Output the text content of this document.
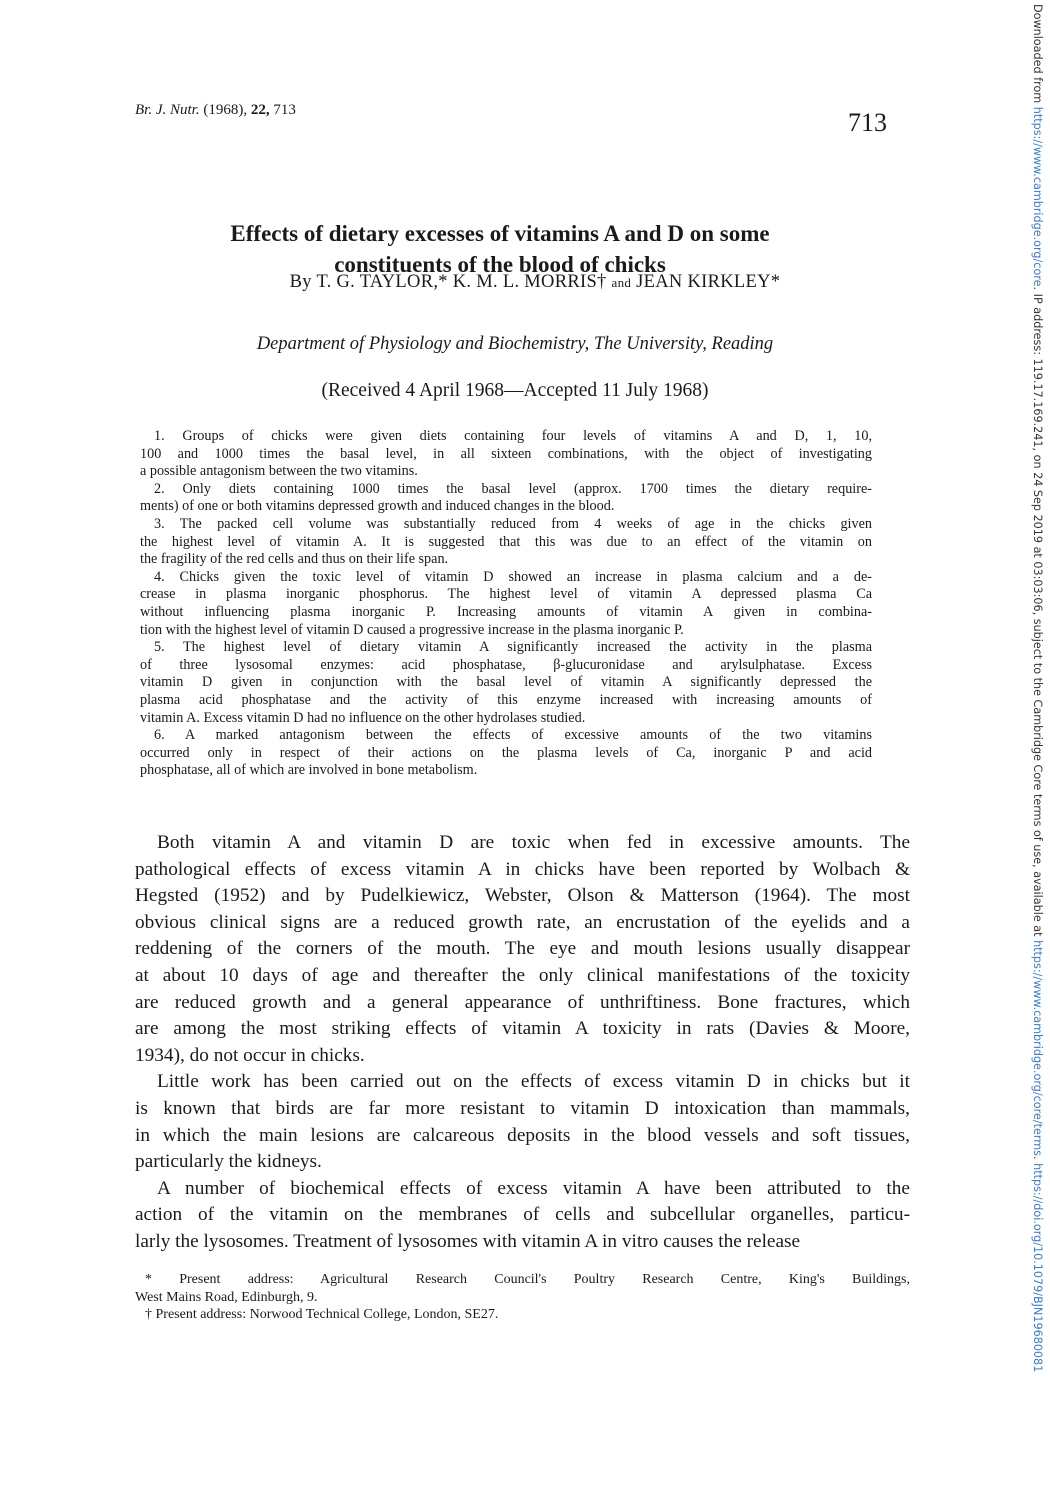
Br. J. Nutr. (1968), 22, 713	713
Effects of dietary excesses of vitamins A and D on some
constituents of the blood of chicks
By T. G. TAYLOR,* K. M. L. MORRIS† and JEAN KIRKLEY*
Department of Physiology and Biochemistry, The University, Reading
(Received 4 April 1968—Accepted 11 July 1968)
1. Groups of chicks were given diets containing four levels of vitamins A and D, 1, 10,
100 and 1000 times the basal level, in all sixteen combinations, with the object of investigating
a possible antagonism between the two vitamins.
2. Only diets containing 1000 times the basal level (approx. 1700 times the dietary require-
ments) of one or both vitamins depressed growth and induced changes in the blood.
3. The packed cell volume was substantially reduced from 4 weeks of age in the chicks given
the highest level of vitamin A. It is suggested that this was due to an effect of the vitamin on
the fragility of the red cells and thus on their life span.
4. Chicks given the toxic level of vitamin D showed an increase in plasma calcium and a de-
crease in plasma inorganic phosphorus. The highest level of vitamin A depressed plasma Ca
without influencing plasma inorganic P. Increasing amounts of vitamin A given in combina-
tion with the highest level of vitamin D caused a progressive increase in the plasma inorganic P.
5. The highest level of dietary vitamin A significantly increased the activity in the plasma
of three lysosomal enzymes: acid phosphatase, β-glucuronidase and arylsulphatase. Excess
vitamin D given in conjunction with the basal level of vitamin A significantly depressed the
plasma acid phosphatase and the activity of this enzyme increased with increasing amounts of
vitamin A. Excess vitamin D had no influence on the other hydrolases studied.
6. A marked antagonism between the effects of excessive amounts of the two vitamins
occurred only in respect of their actions on the plasma levels of Ca, inorganic P and acid
phosphatase, all of which are involved in bone metabolism.
Both vitamin A and vitamin D are toxic when fed in excessive amounts. The
pathological effects of excess vitamin A in chicks have been reported by Wolbach &
Hegsted (1952) and by Pudelkiewicz, Webster, Olson & Matterson (1964). The most
obvious clinical signs are a reduced growth rate, an encrustation of the eyelids and a
reddening of the corners of the mouth. The eye and mouth lesions usually disappear
at about 10 days of age and thereafter the only clinical manifestations of the toxicity
are reduced growth and a general appearance of unthriftiness. Bone fractures, which
are among the most striking effects of vitamin A toxicity in rats (Davies & Moore,
1934), do not occur in chicks.
Little work has been carried out on the effects of excess vitamin D in chicks but it
is known that birds are far more resistant to vitamin D intoxication than mammals,
in which the main lesions are calcareous deposits in the blood vessels and soft tissues,
particularly the kidneys.
A number of biochemical effects of excess vitamin A have been attributed to the
action of the vitamin on the membranes of cells and subcellular organelles, particu-
larly the lysosomes. Treatment of lysosomes with vitamin A in vitro causes the release
* Present address: Agricultural Research Council's Poultry Research Centre, King's Buildings,
West Mains Road, Edinburgh, 9.
† Present address: Norwood Technical College, London, SE27.
Downloaded from https://www.cambridge.org/core. IP address: 119.17.169.241, on 24 Sep 2019 at 03:03:06, subject to the Cambridge Core terms of use, available at https://www.cambridge.org/core/terms. https://doi.org/10.1079/BJN19680081
